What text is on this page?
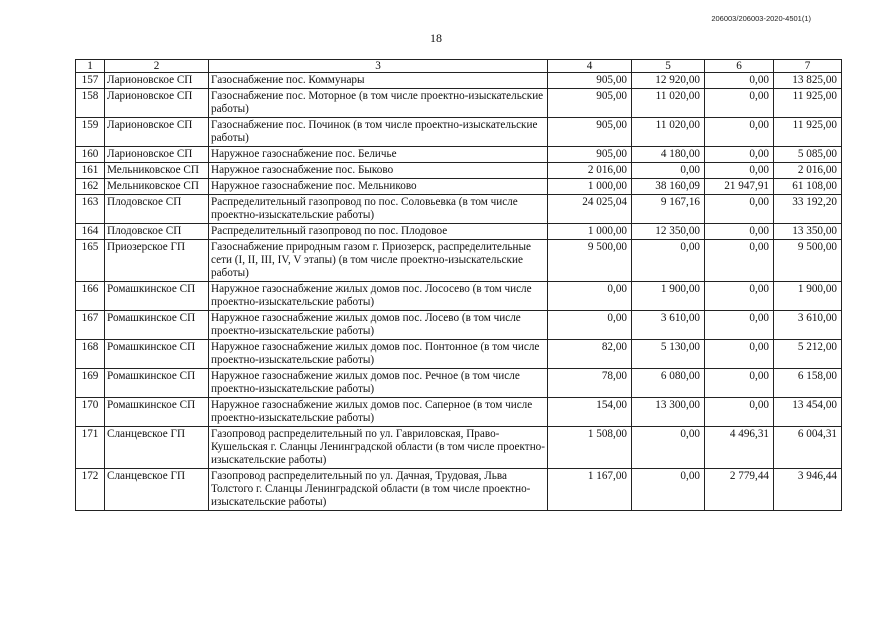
206003/206003-2020-4501(1)
18
1	2	3	4	5	6	7
157	Ларионовское СП	Газоснабжение пос. Коммунары	905,00	12 920,00	0,00	13 825,00
158	Ларионовское СП	Газоснабжение пос. Моторное (в том числе проектно-изыскательские работы)	905,00	11 020,00	0,00	11 925,00
159	Ларионовское СП	Газоснабжение пос. Починок (в том числе проектно-изыскательские работы)	905,00	11 020,00	0,00	11 925,00
160	Ларионовское СП	Наружное газоснабжение пос. Беличье	905,00	4 180,00	0,00	5 085,00
161	Мельниковское СП	Наружное газоснабжение пос. Быково	2 016,00	0,00	0,00	2 016,00
162	Мельниковское СП	Наружное газоснабжение пос. Мельниково	1 000,00	38 160,09	21 947,91	61 108,00
163	Плодовское СП	Распределительный газопровод по пос. Соловьевка (в том числе проектно-изыскательские работы)	24 025,04	9 167,16	0,00	33 192,20
164	Плодовское СП	Распределительный газопровод по пос. Плодовое	1 000,00	12 350,00	0,00	13 350,00
165	Приозерское ГП	Газоснабжение природным газом г. Приозерск, распределительные сети (I, II, III, IV, V этапы) (в том числе проектно-изыскательские работы)	9 500,00	0,00	0,00	9 500,00
166	Ромашкинское СП	Наружное газоснабжение жилых домов пос. Лососево (в том числе проектно-изыскательские работы)	0,00	1 900,00	0,00	1 900,00
167	Ромашкинское СП	Наружное газоснабжение жилых домов пос. Лосево (в том числе проектно-изыскательские работы)	0,00	3 610,00	0,00	3 610,00
168	Ромашкинское СП	Наружное газоснабжение жилых домов пос. Понтонное (в том числе проектно-изыскательские работы)	82,00	5 130,00	0,00	5 212,00
169	Ромашкинское СП	Наружное газоснабжение жилых домов пос. Речное (в том числе проектно-изыскательские работы)	78,00	6 080,00	0,00	6 158,00
170	Ромашкинское СП	Наружное газоснабжение жилых домов пос. Саперное (в том числе проектно-изыскательские работы)	154,00	13 300,00	0,00	13 454,00
171	Сланцевское ГП	Газопровод распределительный по ул. Гавриловская, Право-Кушельская г. Сланцы Ленинградской области (в том числе проектно-изыскательские работы)	1 508,00	0,00	4 496,31	6 004,31
172	Сланцевское ГП	Газопровод распределительный по ул. Дачная, Трудовая, Льва Толстого г. Сланцы Ленинградской области (в том числе проектно-изыскательские работы)	1 167,00	0,00	2 779,44	3 946,44
